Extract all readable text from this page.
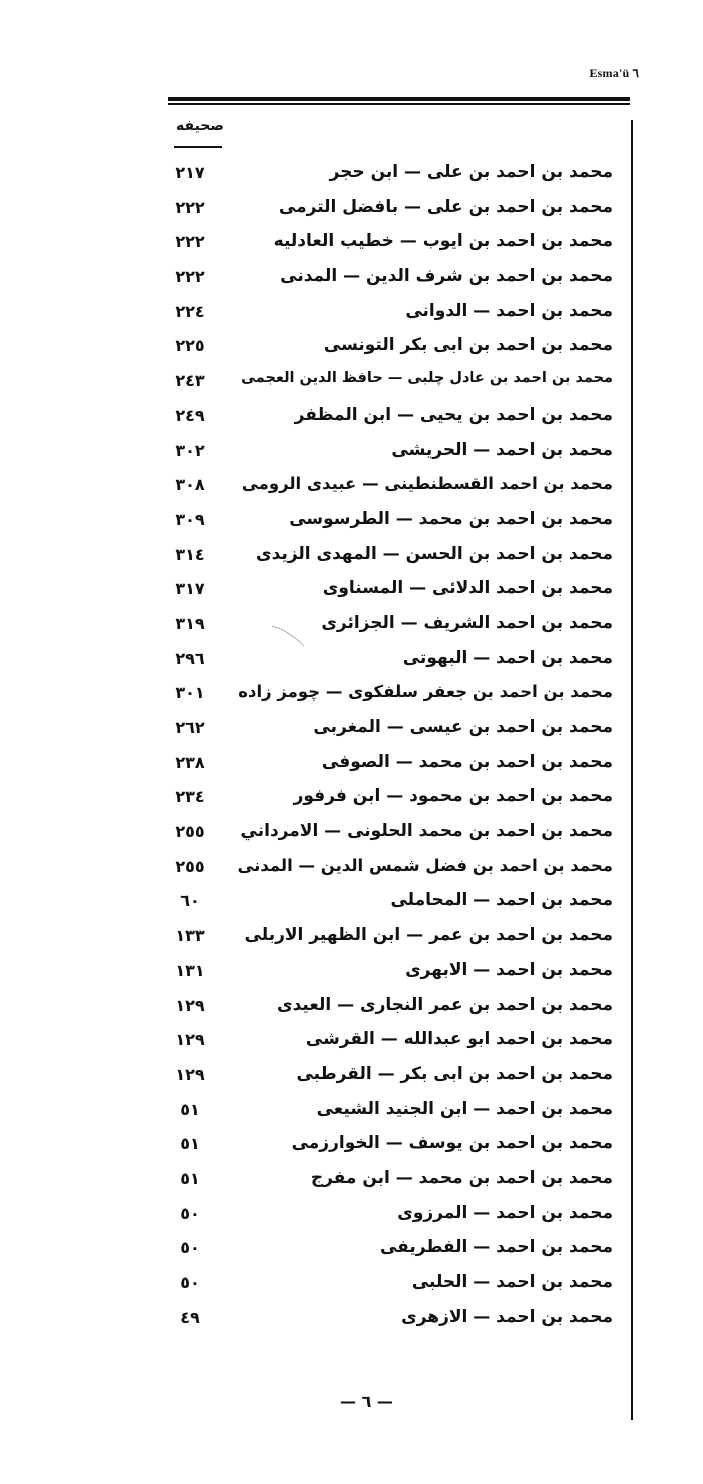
Esma'ü ٦
صحيفه
محمد بن احمد بن علی — ابن حجر
٢١٧
محمد بن احمد بن علی — بافضل الترمی
٢٢٢
محمد بن احمد بن ايوب — خطيب العادليه
٢٢٢
محمد بن احمد بن شرف الدين — المدنی
٢٢٢
محمد بن احمد — الدوانی
٢٢٤
محمد بن احمد بن ابی بكر التونسی
٢٢٥
محمد بن احمد بن عادل چلبی — حافظ الدين العجمی
٢٤٣
محمد بن احمد بن يحيی — ابن المظفر
٢٤٩
محمد بن احمد — الحريشی
٣٠٢
محمد بن احمد القسطنطينی — عبيدی الرومی
٣٠٨
محمد بن احمد بن محمد — الطرسوسی
٣٠٩
محمد بن احمد بن الحسن — المهدی الزيدی
٣١٤
محمد بن احمد الدلائی — المسناوی
٣١٧
محمد بن احمد الشريف — الجزائری
٣١٩
محمد بن احمد — البهوتی
٢٩٦
محمد بن احمد بن جعفر سلفكوی — چومز زاده
٣٠١
محمد بن احمد بن عيسی — المغربی
٢٦٢
محمد بن احمد بن محمد — الصوفی
٢٣٨
محمد بن احمد بن محمود — ابن فرفور
٢٣٤
محمد بن احمد بن محمد الحلونی — الامرداني
٢٥٥
محمد بن احمد بن فضل شمس الدين — المدنی
٢٥٥
محمد بن احمد — المحاملی
٦٠
محمد بن احمد بن عمر — ابن الظهير الاربلی
١٣٣
محمد بن احمد — الابهری
١٣١
محمد بن احمد بن عمر النجاری — العيدی
١٢٩
محمد بن احمد ابو عبدالله — القرشی
١٢٩
محمد بن احمد بن ابی بكر — القرطبی
١٢٩
محمد بن احمد — ابن الجنيد الشيعی
٥١
محمد بن احمد بن يوسف — الخوارزمی
٥١
محمد بن احمد بن محمد — ابن مفرج
٥١
محمد بن احمد — المرزوی
٥٠
محمد بن احمد — الفطريفی
٥٠
محمد بن احمد — الحلبی
٥٠
محمد بن احمد — الازهری
٤٩
— ٦ —
